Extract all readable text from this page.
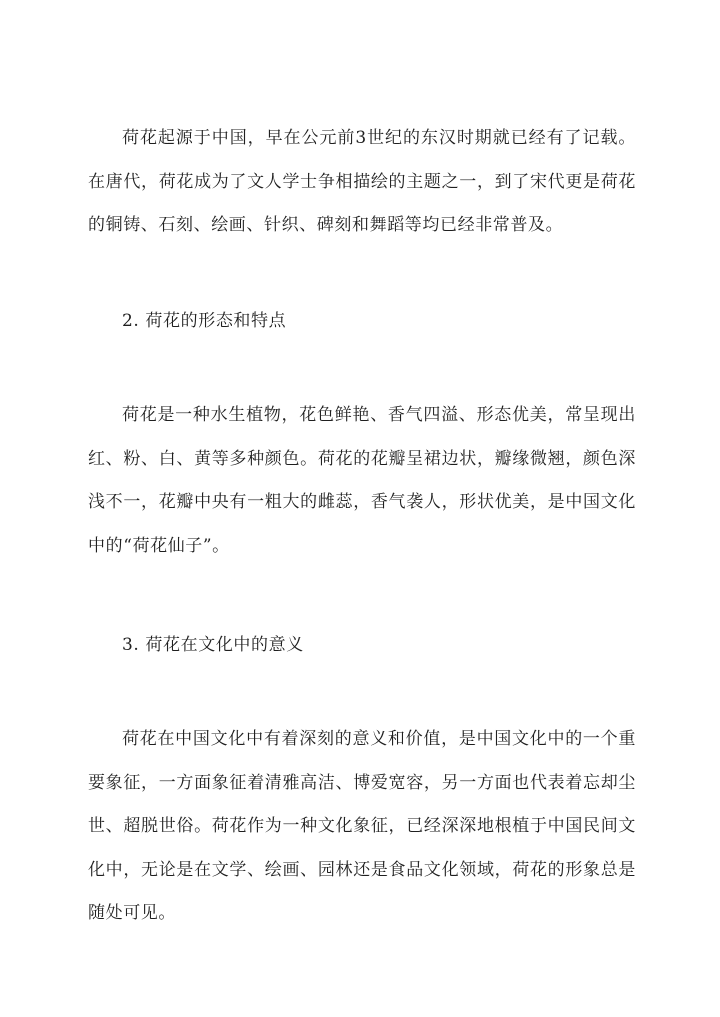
荷花起源于中国，早在公元前3世纪的东汉时期就已经有了记载。在唐代，荷花成为了文人学士争相描绘的主题之一，到了宋代更是荷花的铜铸、石刻、绘画、针织、碑刻和舞蹈等均已经非常普及。

2. 荷花的形态和特点

荷花是一种水生植物，花色鲜艳、香气四溢、形态优美，常呈现出红、粉、白、黄等多种颜色。荷花的花瓣呈裙边状，瓣缘微翘，颜色深浅不一，花瓣中央有一粗大的雌蕊，香气袭人，形状优美，是中国文化中的“荷花仙子”。

3. 荷花在文化中的意义

荷花在中国文化中有着深刻的意义和价值，是中国文化中的一个重要象征，一方面象征着清雅高洁、博爱宽容，另一方面也代表着忘却尘世、超脱世俗。荷花作为一种文化象征，已经深深地根植于中国民间文化中，无论是在文学、绘画、园林还是食品文化领域，荷花的形象总是随处可见。
